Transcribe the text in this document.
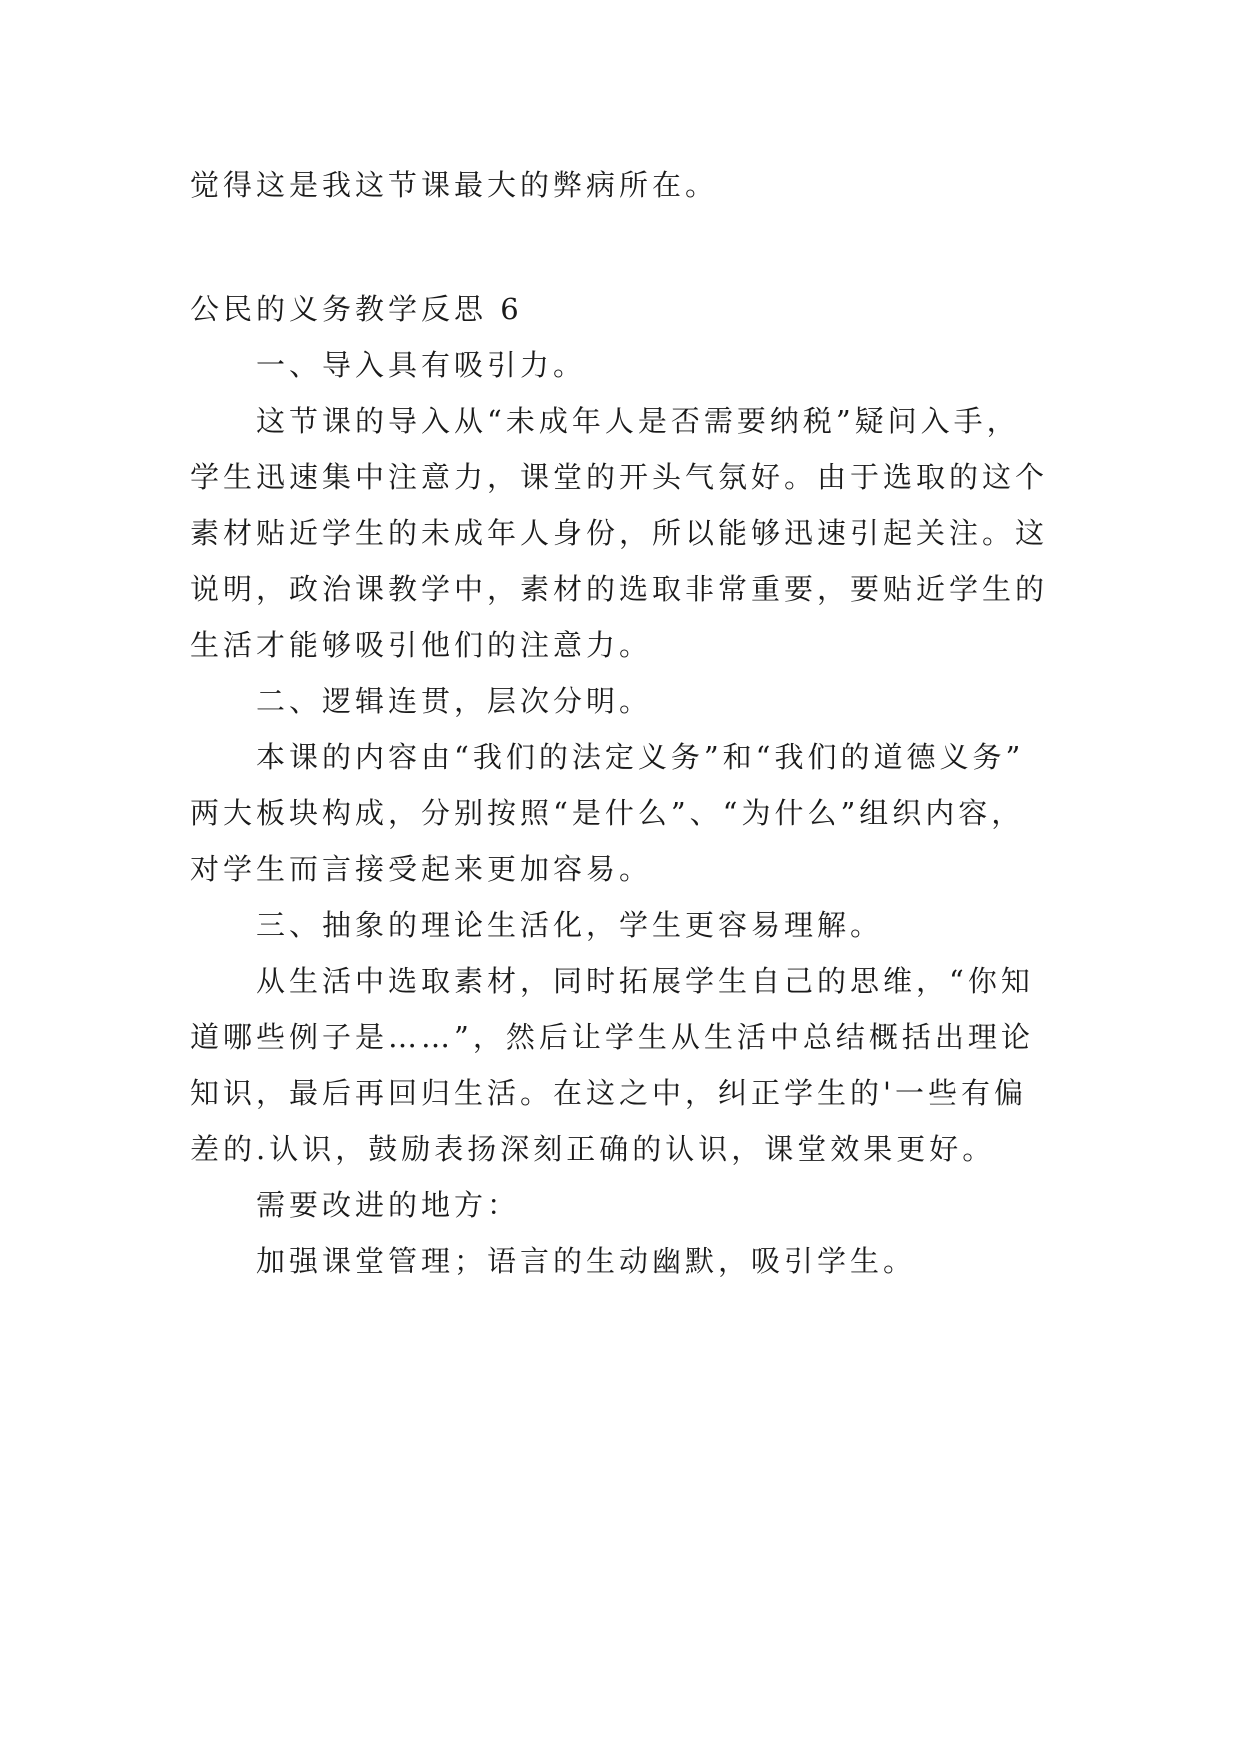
觉得这是我这节课最大的弊病所在。
公民的义务教学反思 6
一、导入具有吸引力。
这节课的导入从“未成年人是否需要纳税”疑问入手，
学生迅速集中注意力，课堂的开头气氛好。由于选取的这个
素材贴近学生的未成年人身份，所以能够迅速引起关注。这
说明，政治课教学中，素材的选取非常重要，要贴近学生的
生活才能够吸引他们的注意力。
二、逻辑连贯，层次分明。
本课的内容由“我们的法定义务”和“我们的道德义务”
两大板块构成，分别按照“是什么”、“为什么”组织内容，
对学生而言接受起来更加容易。
三、抽象的理论生活化，学生更容易理解。
从生活中选取素材，同时拓展学生自己的思维，“你知
道哪些例子是……”，然后让学生从生活中总结概括出理论
知识，最后再回归生活。在这之中，纠正学生的'一些有偏
差的.认识，鼓励表扬深刻正确的认识，课堂效果更好。
需要改进的地方：
加强课堂管理；语言的生动幽默，吸引学生。
